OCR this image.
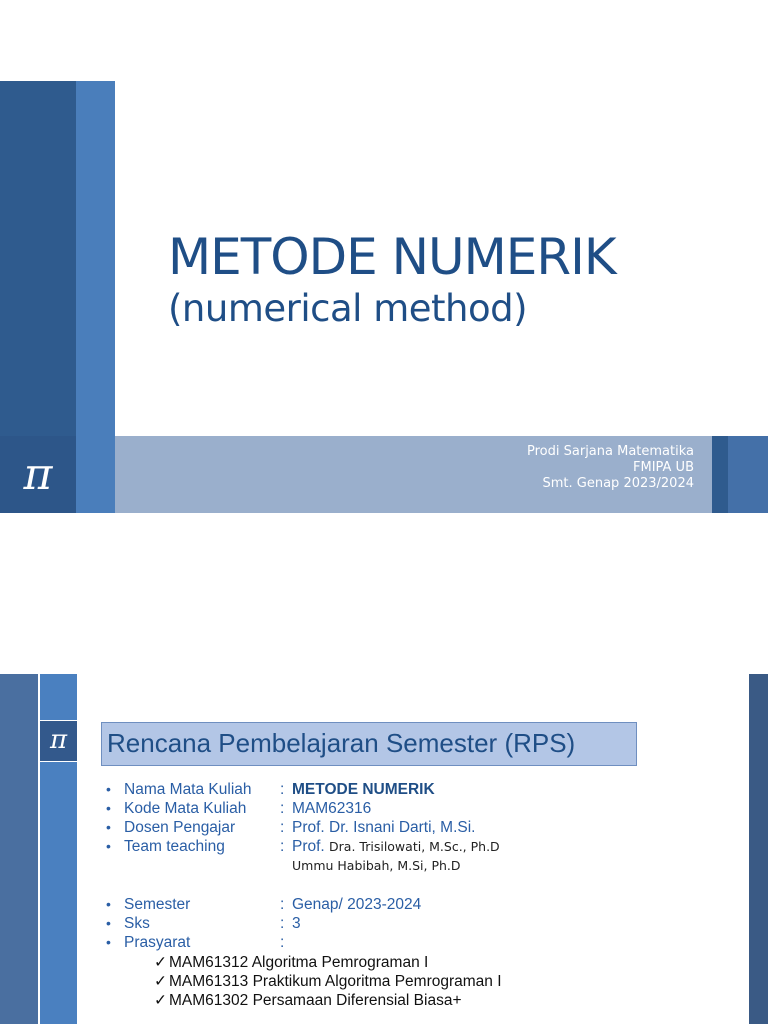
π
METODE NUMERIK
(numerical method)
Prodi Sarjana Matematika
FMIPA UB
Smt. Genap 2023/2024
π	Rencana Pembelajaran Semester (RPS)
• Nama Mata Kuliah : METODE NUMERIK
• Kode Mata Kuliah : MAM62316
• Dosen Pengajar	: Prof. Dr. Isnani Darti, M.Si.
• Team teaching	: Prof. Dra. Trisilowati, M.Sc., Ph.D
Ummu Habibah, M.Si, Ph.D
• Semester	: Genap/ 2023-2024
• Sks	: 3
• Prasyarat	:
✓ MAM61312 Algoritma Pemrograman I
✓ MAM61313 Praktikum Algoritma Pemrograman I
✓ MAM61302 Persamaan Diferensial Biasa+
